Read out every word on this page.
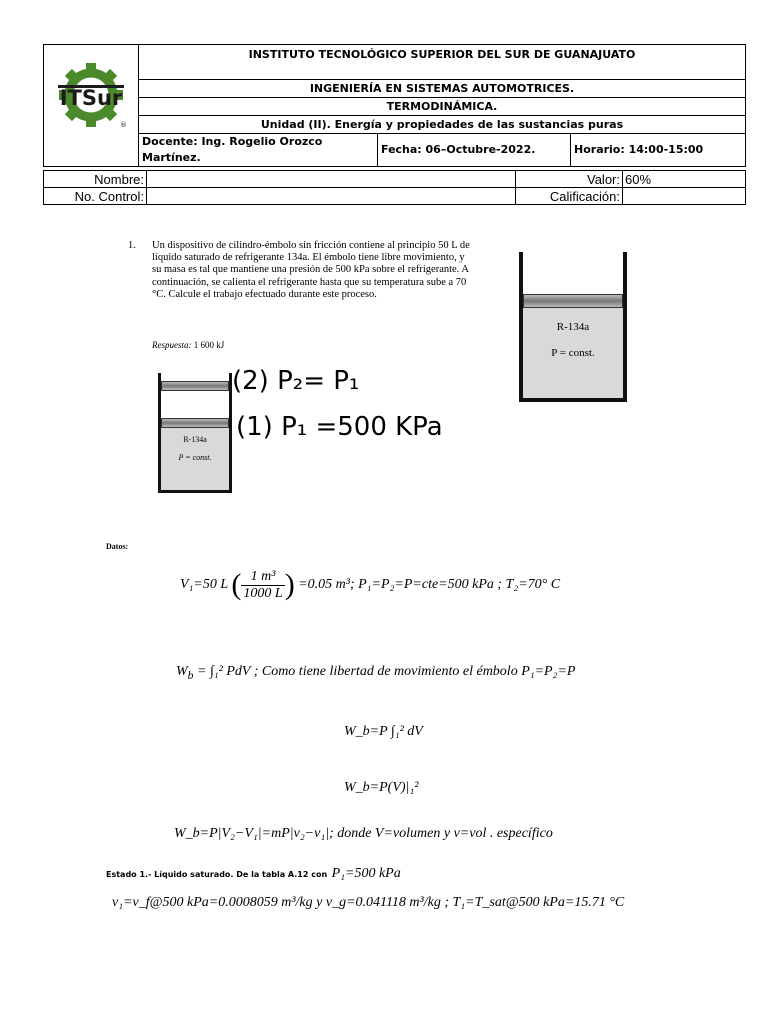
ITSur
®	INSTITUTO TECNOLÓGICO SUPERIOR DEL SUR DE GUANAJUATO		
	INGENIERÍA EN SISTEMAS AUTOMOTRICES.		
	TERMODINÁMICA.		
	Unidad (II). Energía y propiedades de las sustancias puras		
	Docente: Ing. Rogelio Orozco Martínez.	Fecha: 06–Octubre-2022.	Horario: 14:00-15:00
Nombre:		Valor:	60%
No. Control:		Calificación:	
1. Un dispositivo de cilindro-émbolo sin fricción contiene al principio 50 L de líquido saturado de refrigerante 134a. El émbolo tiene libre movimiento, y su masa es tal que mantiene una presión de 500 kPa sobre el refrigerante. A continuación, se calienta el refrigerante hasta que su temperatura sube a 70 °C. Calcule el trabajo efectuado durante este proceso.
Respuesta: 1 600 kJ
R-134a
P = const.
R-134a
P = const.
(2) P₂= P₁
(1) P₁ =500 KPa
Datos:
V₁=50 L ( $\frac{\text{1 m³}}{1000 L}$ ) =0.05 m³; P₁=P₂=P=cte=500 kPa ; T₂=70° C
$W_b = \int_1^2$ PdV ; Como tiene libertad de movimiento el émbolo P₁=P₂=P
W_b=P ∫₁² dV
W_b=P(V)|₁²
W_b=P|V₂−V₁|=mP|v₂−v₁|; donde V=volumen y v=vol . específico
Estado 1.- Líquido saturado. De la tabla A.12 con P₁=500 kPa
v₁=v_f@500 kPa=0.0008059 m³/kg y v_g=0.041118 m³/kg ; T₁=T_sat@500 kPa=15.71 °C
